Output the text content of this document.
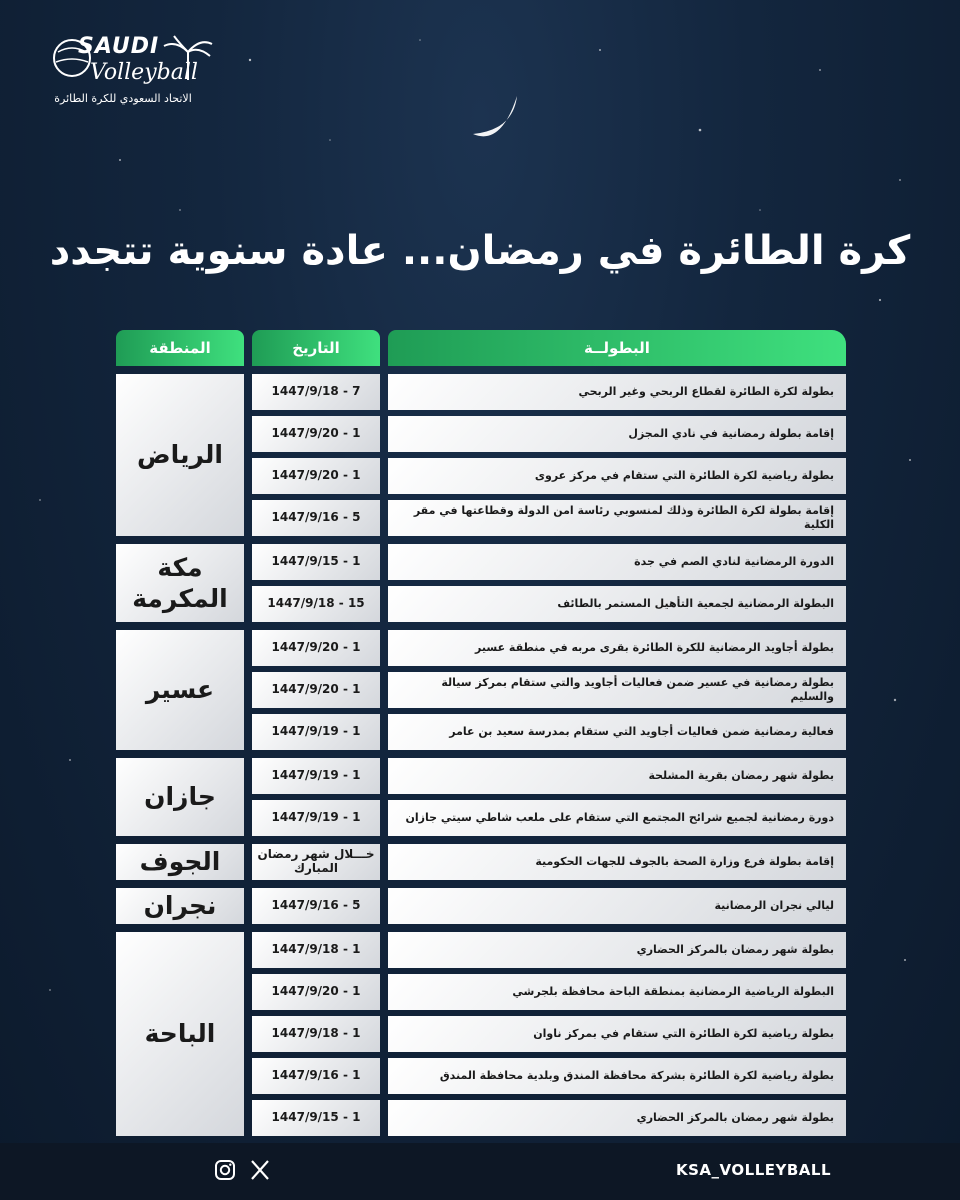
SAUDI
Volleyball
الاتحاد السعودي للكرة الطائرة
كرة الطائرة في رمضان... عادة سنوية تتجدد
المنطقة	التاريخ	البطولــة
الرياض
7 - 1447/9/18	بطولة لكرة الطائرة لقطاع الربحي وغير الربحي
1 - 1447/9/20	إقامة بطولة رمضانية في نادي المجزل
1 - 1447/9/20	بطولة رياضية لكرة الطائرة التي ستقام في مركز عروى
5 - 1447/9/16	إقامة بطولة لكرة الطائرة وذلك لمنسوبي رئاسة امن الدولة وقطاعتها في مقر الكلية
مكة المكرمة
1 - 1447/9/15	الدورة الرمضانية لنادي الصم في جدة
15 - 1447/9/18	البطولة الرمضانية لجمعية التأهيل المستمر بالطائف
عسير
1 - 1447/9/20	بطولة أجاويد الرمضانية للكرة الطائرة بقرى مربه في منطقة عسير
1 - 1447/9/20	بطولة رمضانية في عسير ضمن فعاليات أجاويد والتي ستقام بمركز سيالة والسليم
1 - 1447/9/19	فعالية رمضانية ضمن فعاليات أجاويد التي ستقام بمدرسة سعيد بن عامر
جازان
1 - 1447/9/19	بطولة شهر رمضان بقرية المشلحة
1 - 1447/9/19	دورة رمضانية لجميع شرائح المجتمع التي ستقام على ملعب شاطي سيتي جازان
الجوف	خـــلال شهر رمضان المبارك	إقامة بطولة فرع وزارة الصحة بالجوف للجهات الحكومية
نجران	5 - 1447/9/16	ليالي نجران الرمضانية
الباحة
1 - 1447/9/18	بطولة شهر رمضان بالمركز الحضاري
1 - 1447/9/20	البطولة الرياضية الرمضانية بمنطقة الباحة محافظة بلجرشي
1 - 1447/9/18	بطولة رياضية لكرة الطائرة التي ستقام في بمركز ناوان
1 - 1447/9/16	بطولة رياضية لكرة الطائرة بشركة محافظة المندق وبلدية محافظة المندق
1 - 1447/9/15	بطولة شهر رمضان بالمركز الحضاري
KSA_VOLLEYBALL
